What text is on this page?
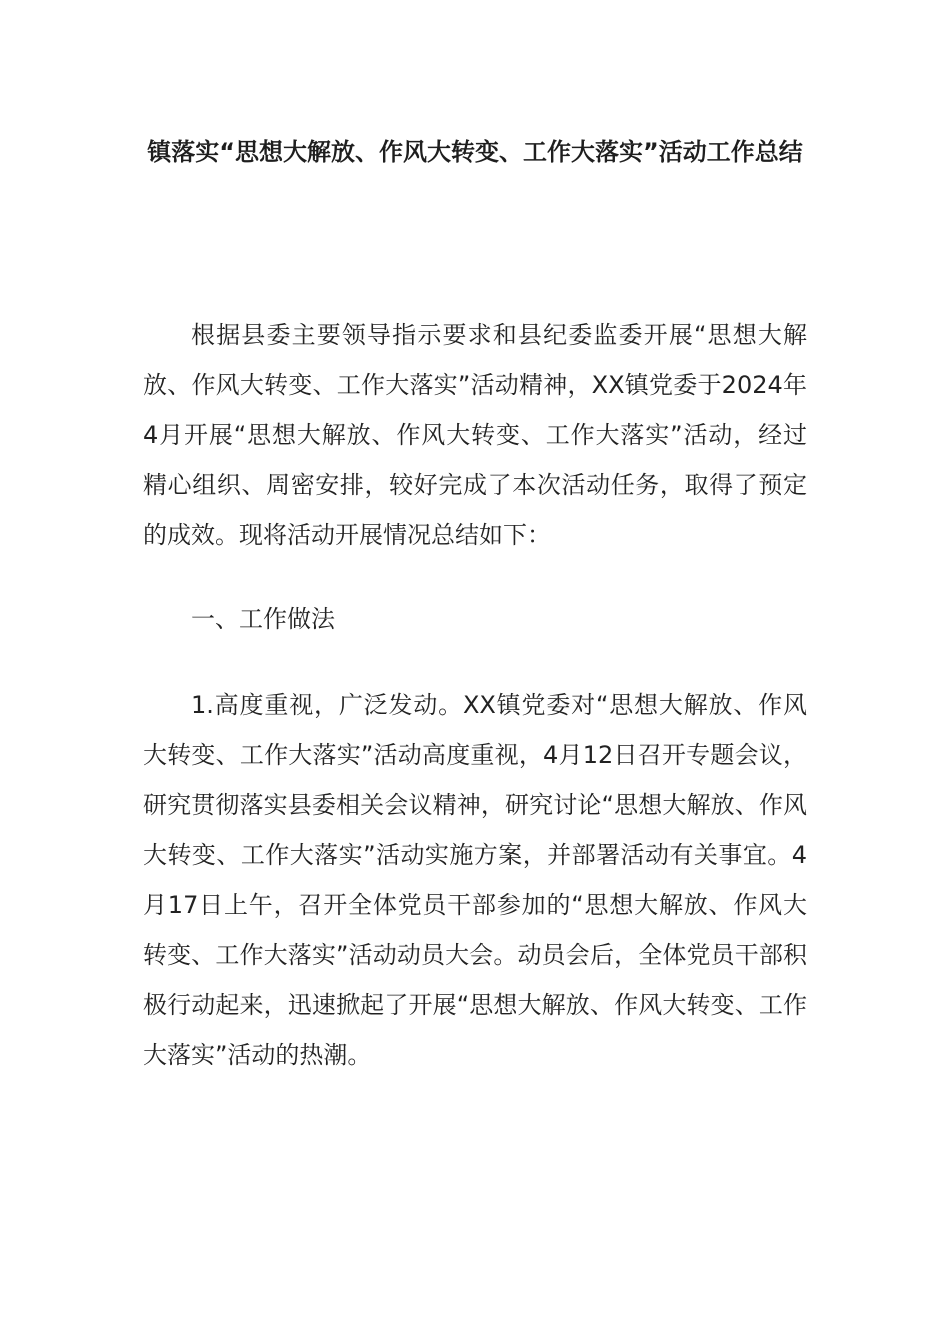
镇落实“思想大解放、作风大转变、工作大落实”活动工作总结

根据县委主要领导指示要求和县纪委监委开展“思想大解放、作风大转变、工作大落实”活动精神，XX镇党委于2024年4月开展“思想大解放、作风大转变、工作大落实”活动，经过精心组织、周密安排，较好完成了本次活动任务，取得了预定的成效。现将活动开展情况总结如下：

一、工作做法

1.高度重视，广泛发动。XX镇党委对“思想大解放、作风大转变、工作大落实”活动高度重视，4月12日召开专题会议，研究贯彻落实县委相关会议精神，研究讨论“思想大解放、作风大转变、工作大落实”活动实施方案，并部署活动有关事宜。4月17日上午，召开全体党员干部参加的“思想大解放、作风大转变、工作大落实”活动动员大会。动员会后，全体党员干部积极行动起来，迅速掀起了开展“思想大解放、作风大转变、工作大落实”活动的热潮。
